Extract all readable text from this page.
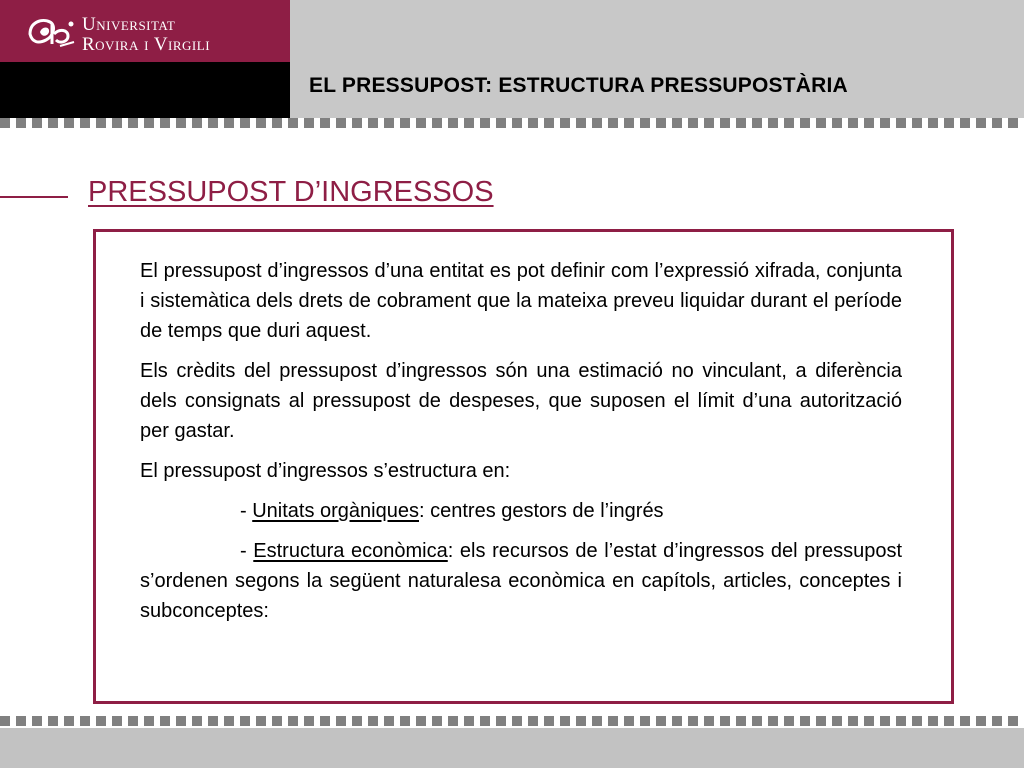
Universitat
Rovira i Virgili
EL PRESSUPOST: ESTRUCTURA PRESSUPOSTÀRIA
PRESSUPOST D’INGRESSOS

El pressupost d’ingressos d’una entitat es pot definir com l’expressió xifrada, conjunta i sistemàtica dels drets de cobrament que la mateixa preveu liquidar durant el període de temps que duri aquest.

Els crèdits del pressupost d’ingressos són una estimació no vinculant, a diferència dels consignats al pressupost de despeses, que suposen el límit d’una autorització per gastar.

El pressupost d’ingressos s’estructura en:

- Unitats orgàniques: centres gestors de l’ingrés

- Estructura econòmica: els recursos de l’estat d’ingressos del pressupost s’ordenen segons la següent naturalesa econòmica en capítols, articles, conceptes i subconceptes:
